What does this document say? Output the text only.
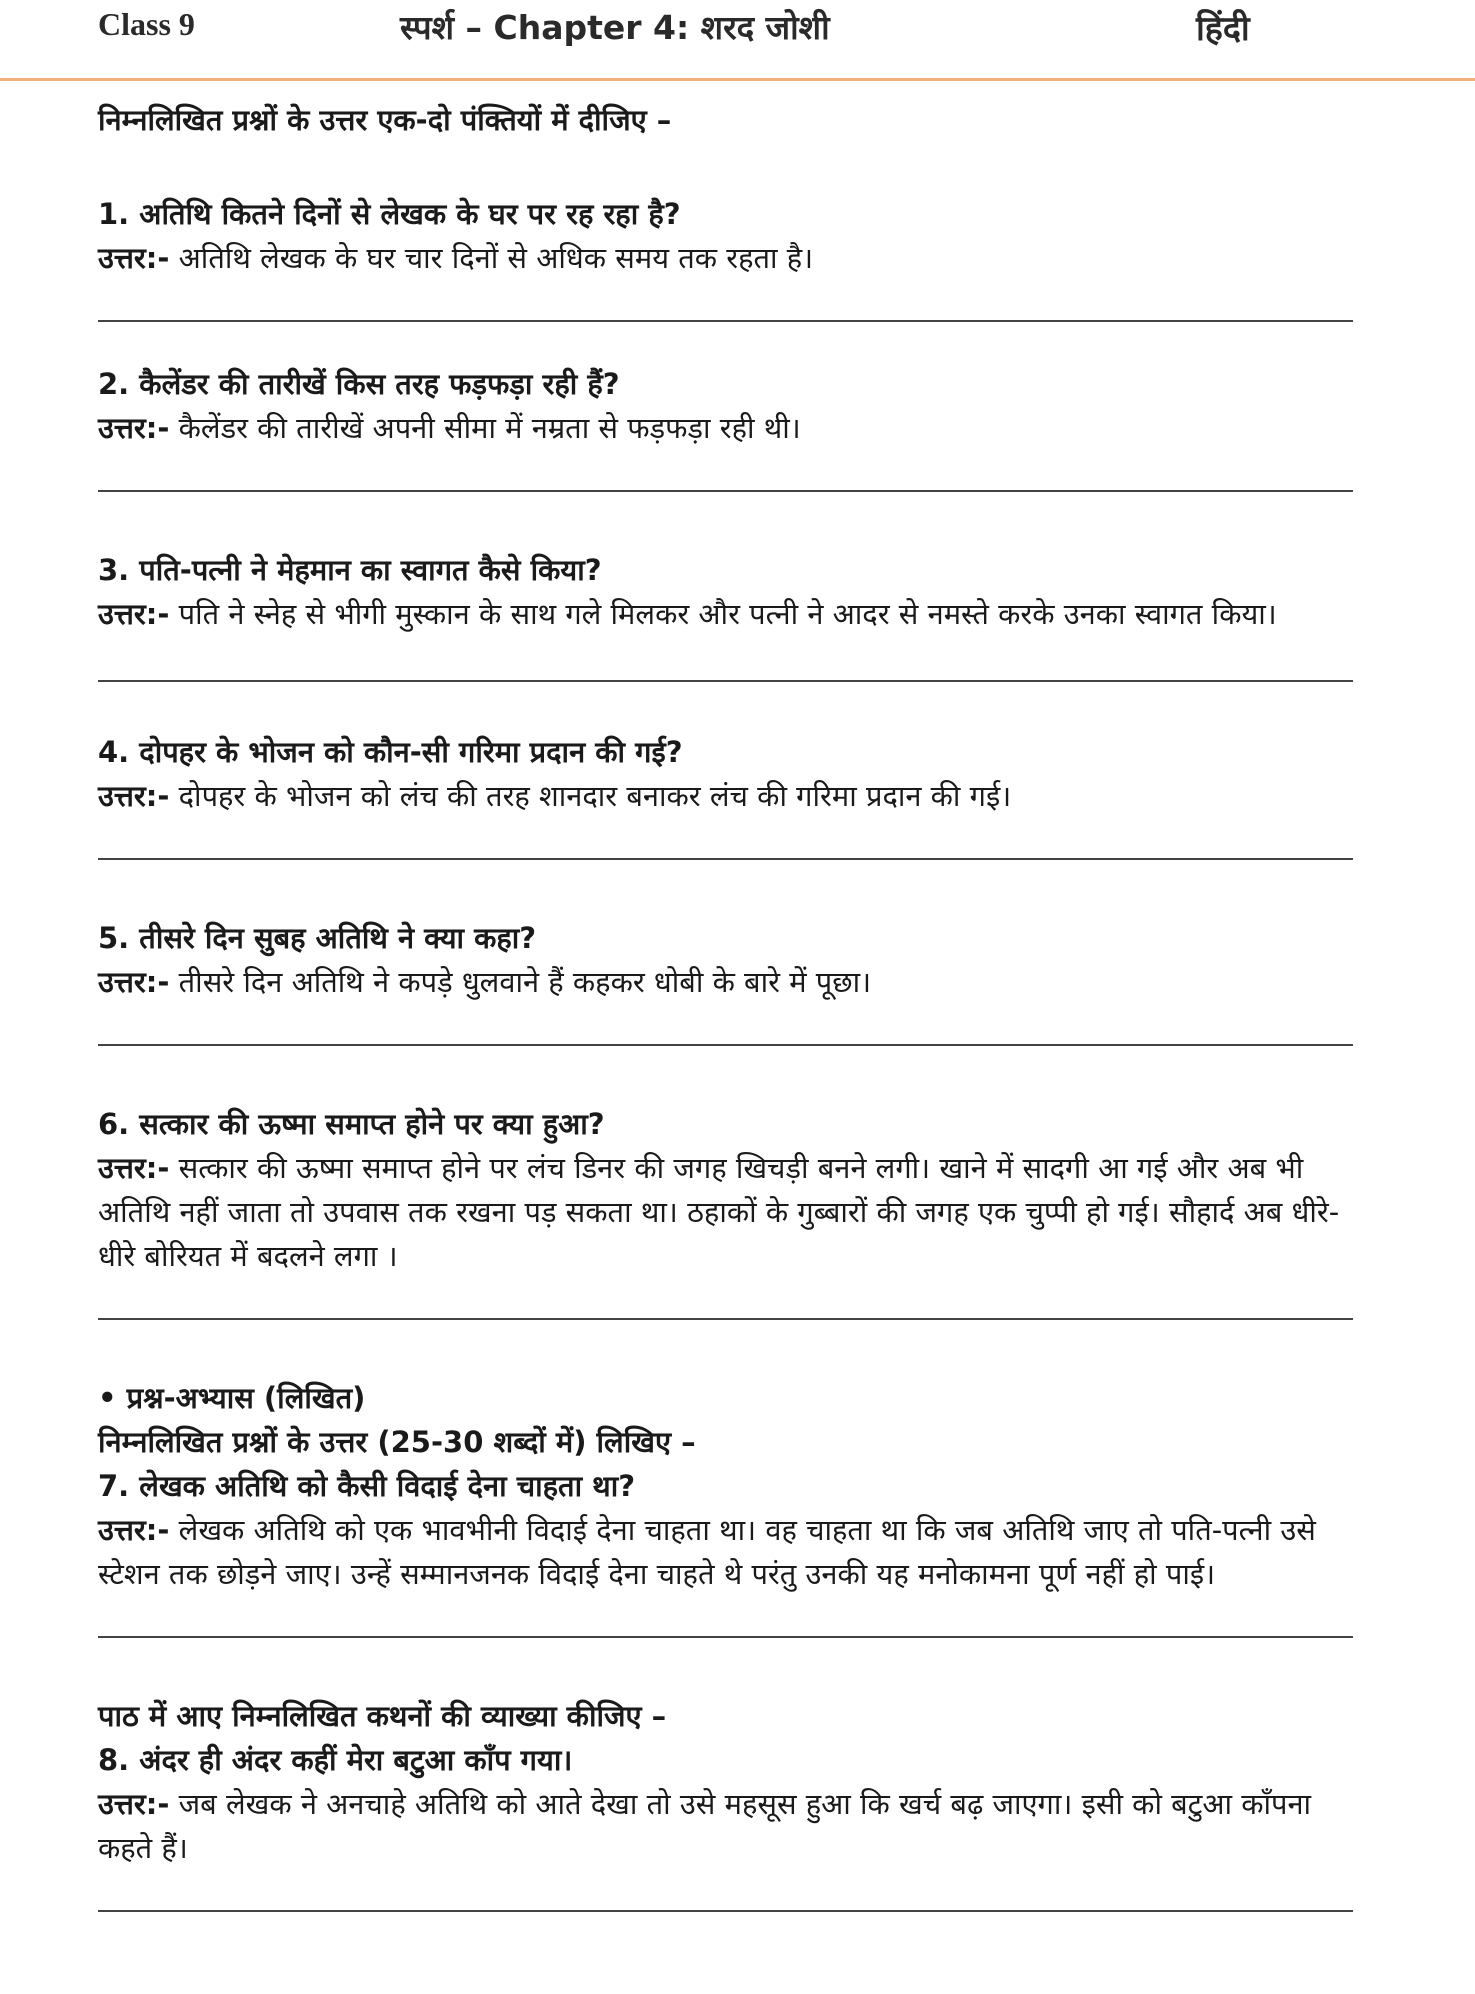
Class 9	स्पर्श – Chapter 4: शरद जोशी	हिंदी

निम्नलिखित प्रश्नों के उत्तर एक-दो पंक्तियों में दीजिए –

1. अतिथि कितने दिनों से लेखक के घर पर रह रहा है?

उत्तर:- अतिथि लेखक के घर चार दिनों से अधिक समय तक रहता है।

2. कैलेंडर की तारीखें किस तरह फड़फड़ा रही हैं?

उत्तर:- कैलेंडर की तारीखें अपनी सीमा में नम्रता से फड़फड़ा रही थी।

3. पति-पत्नी ने मेहमान का स्वागत कैसे किया?

उत्तर:- पति ने स्नेह से भीगी मुस्कान के साथ गले मिलकर और पत्नी ने आदर से नमस्ते करके उनका स्वागत किया।

4. दोपहर के भोजन को कौन-सी गरिमा प्रदान की गई?

उत्तर:- दोपहर के भोजन को लंच की तरह शानदार बनाकर लंच की गरिमा प्रदान की गई।

5. तीसरे दिन सुबह अतिथि ने क्या कहा?

उत्तर:- तीसरे दिन अतिथि ने कपड़े धुलवाने हैं कहकर धोबी के बारे में पूछा।

6. सत्कार की ऊष्मा समाप्त होने पर क्या हुआ?

उत्तर:- सत्कार की ऊष्मा समाप्त होने पर लंच डिनर की जगह खिचड़ी बनने लगी। खाने में सादगी आ गई और अब भी अतिथि नहीं जाता तो उपवास तक रखना पड़ सकता था। ठहाकों के गुब्बारों की जगह एक चुप्पी हो गई। सौहार्द अब धीरे-धीरे बोरियत में बदलने लगा ।

• प्रश्न-अभ्यास (लिखित)

निम्नलिखित प्रश्नों के उत्तर (25-30 शब्दों में) लिखिए –

7. लेखक अतिथि को कैसी विदाई देना चाहता था?

उत्तर:- लेखक अतिथि को एक भावभीनी विदाई देना चाहता था। वह चाहता था कि जब अतिथि जाए तो पति-पत्नी उसे स्टेशन तक छोड़ने जाए। उन्हें सम्मानजनक विदाई देना चाहते थे परंतु उनकी यह मनोकामना पूर्ण नहीं हो पाई।

पाठ में आए निम्नलिखित कथनों की व्याख्या कीजिए –

8. अंदर ही अंदर कहीं मेरा बटुआ काँप गया।

उत्तर:- जब लेखक ने अनचाहे अतिथि को आते देखा तो उसे महसूस हुआ कि खर्च बढ़ जाएगा। इसी को बटुआ काँपना कहते हैं।
